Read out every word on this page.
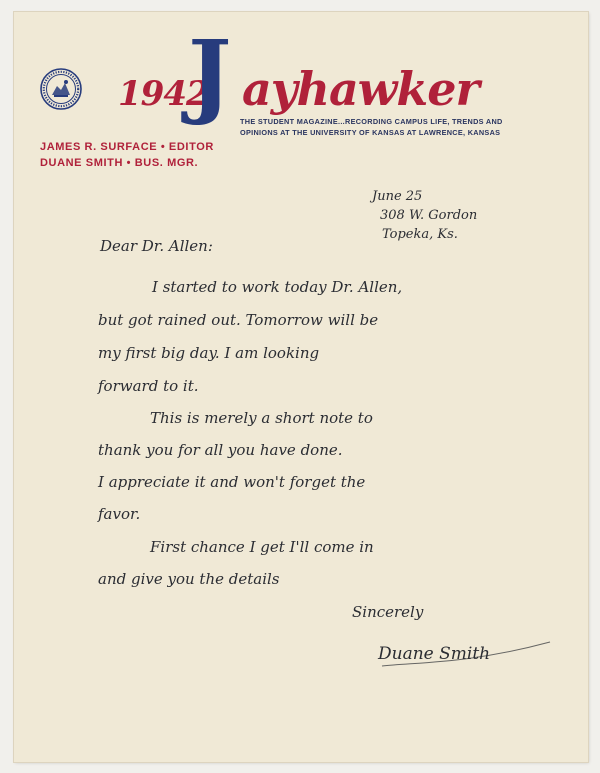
1942
J ayhawker
THE STUDENT MAGAZINE...RECORDING CAMPUS LIFE, TRENDS AND
OPINIONS AT THE UNIVERSITY OF KANSAS AT LAWRENCE, KANSAS
JAMES R. SURFACE • EDITOR
DUANE SMITH • BUS. MGR.
June 25
308 W. Gordon
Topeka, Ks.
Dear Dr. Allen:
I started to work today Dr. Allen,
but got rained out. Tomorrow will be
my first big day. I am looking
forward to it.
This is merely a short note to
thank you for all you have done.
I appreciate it and won't forget the
favor.
First chance I get I'll come in
and give you the details
Sincerely
Duane Smith
